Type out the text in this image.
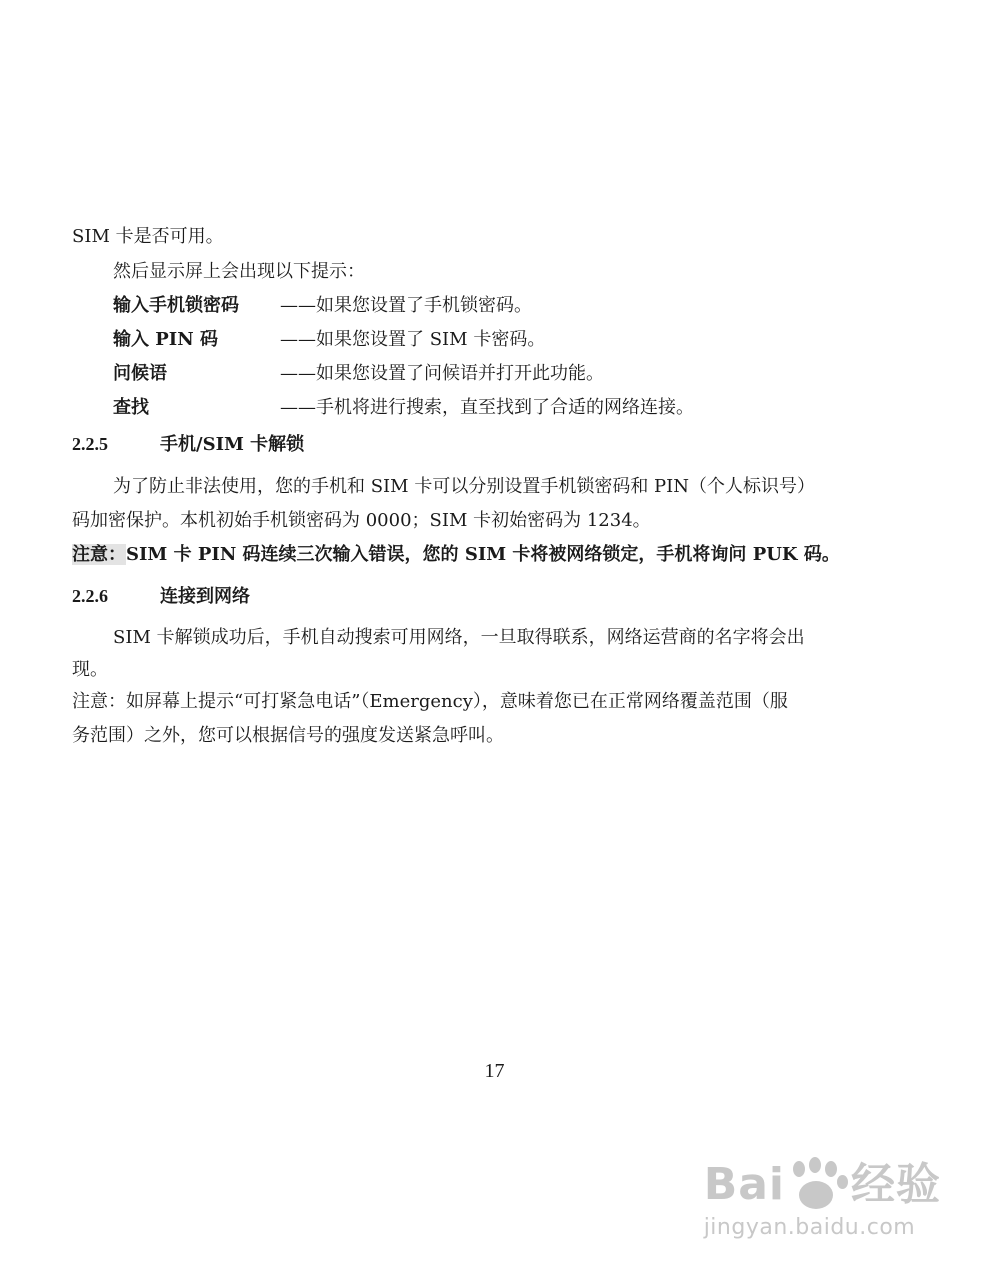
SIM 卡是否可用。
然后显示屏上会出现以下提示：
输入手机锁密码 ——如果您设置了手机锁密码。
输入 PIN 码	——如果您设置了 SIM 卡密码。
问候语	——如果您设置了问候语并打开此功能。
查找	——手机将进行搜索，直至找到了合适的网络连接。
2.2.5	手机/SIM 卡解锁
为了防止非法使用，您的手机和 SIM 卡可以分别设置手机锁密码和 PIN（个人标识号）
码加密保护。本机初始手机锁密码为 0000；SIM 卡初始密码为 1234。
注意：SIM 卡 PIN 码连续三次输入错误，您的 SIM 卡将被网络锁定，手机将询问 PUK 码。
2.2.6	连接到网络
SIM 卡解锁成功后，手机自动搜索可用网络，一旦取得联系，网络运营商的名字将会出
现。
注意：如屏幕上提示“可打紧急电话”（Emergency），意味着您已在正常网络覆盖范围（服
务范围）之外，您可以根据信号的强度发送紧急呼叫。
17
Bai 经验
jingyan.baidu.com
